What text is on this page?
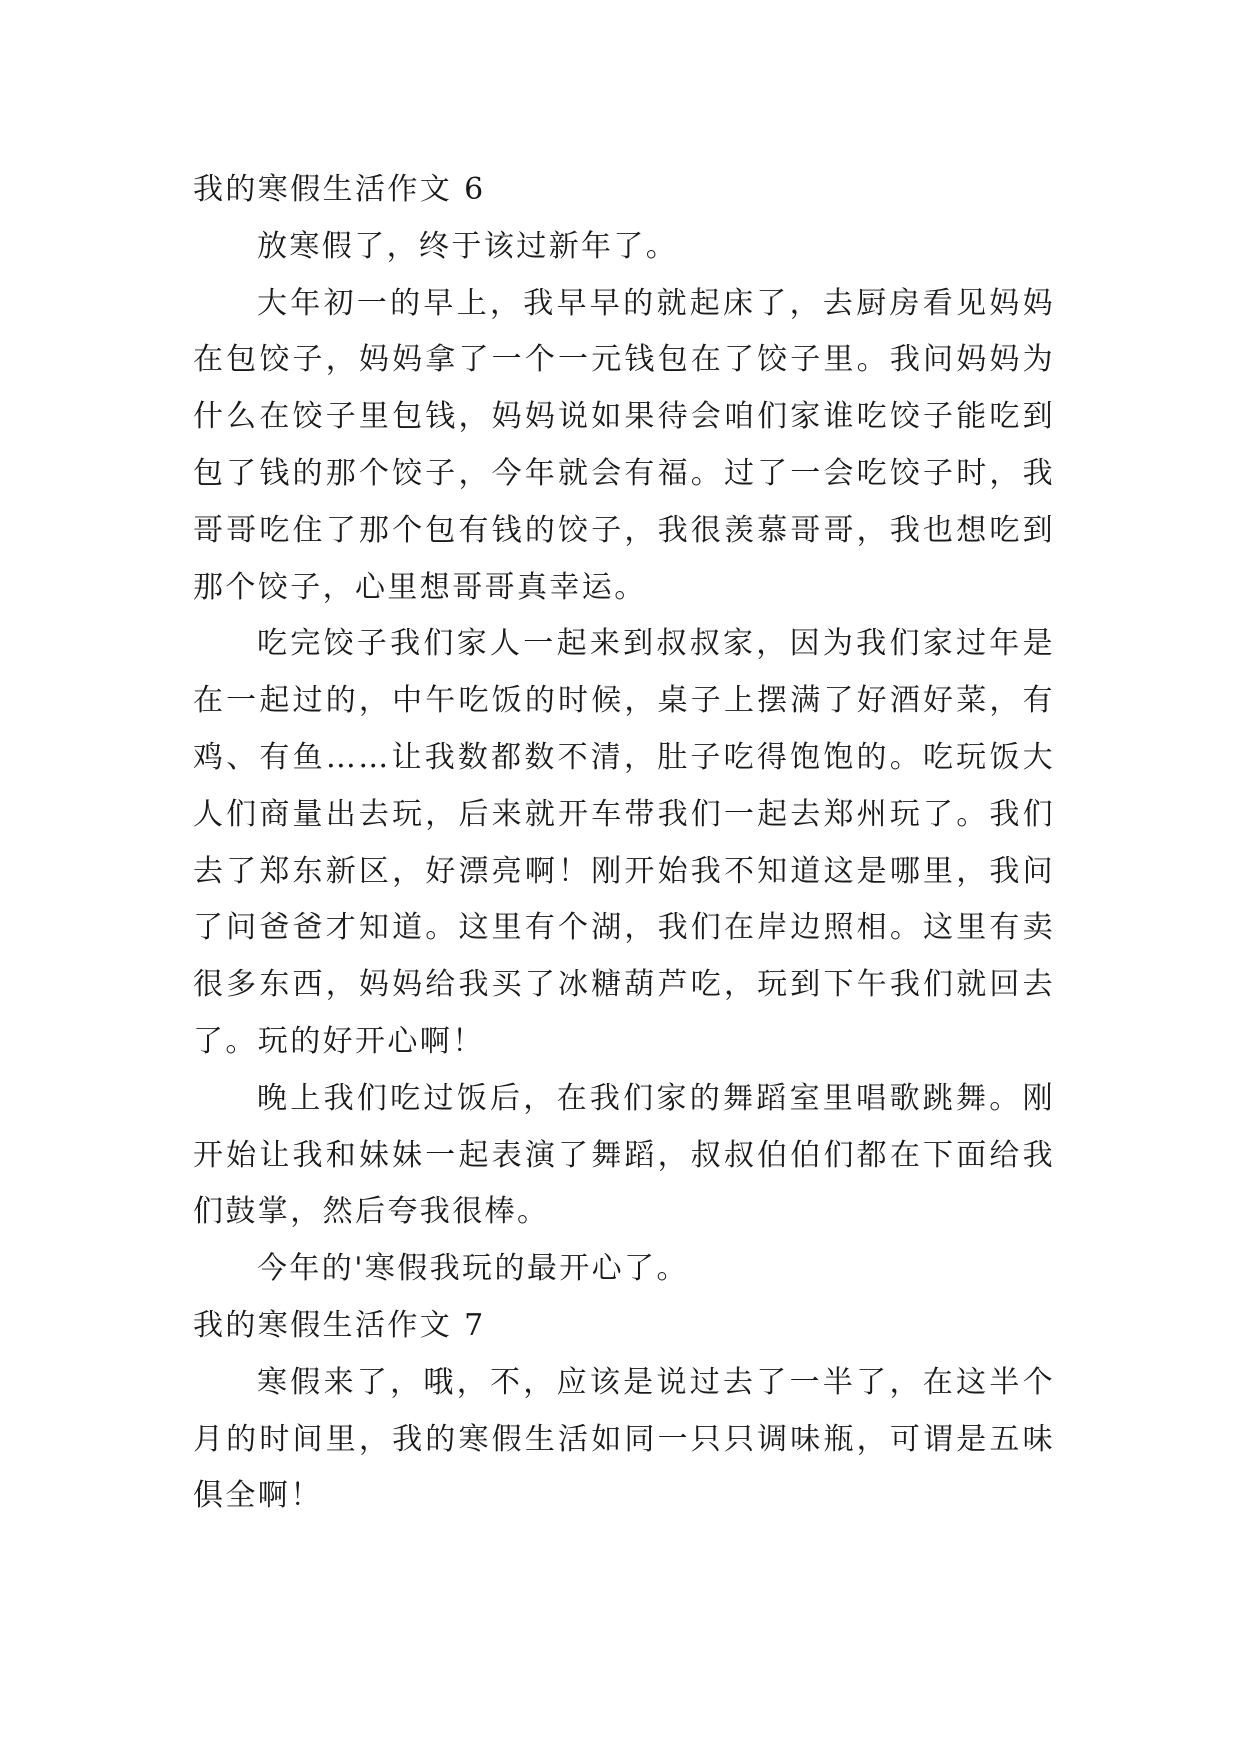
我的寒假生活作文 6

放寒假了，终于该过新年了。

大年初一的早上，我早早的就起床了，去厨房看见妈妈在包饺子，妈妈拿了一个一元钱包在了饺子里。我问妈妈为什么在饺子里包钱，妈妈说如果待会咱们家谁吃饺子能吃到包了钱的那个饺子，今年就会有福。过了一会吃饺子时，我哥哥吃住了那个包有钱的饺子，我很羡慕哥哥，我也想吃到那个饺子，心里想哥哥真幸运。

吃完饺子我们家人一起来到叔叔家，因为我们家过年是在一起过的，中午吃饭的时候，桌子上摆满了好酒好菜，有鸡、有鱼……让我数都数不清，肚子吃得饱饱的。吃玩饭大人们商量出去玩，后来就开车带我们一起去郑州玩了。我们去了郑东新区，好漂亮啊！刚开始我不知道这是哪里，我问了问爸爸才知道。这里有个湖，我们在岸边照相。这里有卖很多东西，妈妈给我买了冰糖葫芦吃，玩到下午我们就回去了。玩的好开心啊！

晚上我们吃过饭后，在我们家的舞蹈室里唱歌跳舞。刚开始让我和妹妹一起表演了舞蹈，叔叔伯伯们都在下面给我们鼓掌，然后夸我很棒。

今年的'寒假我玩的最开心了。

我的寒假生活作文 7

寒假来了，哦，不，应该是说过去了一半了，在这半个月的时间里，我的寒假生活如同一只只调味瓶，可谓是五味俱全啊！
